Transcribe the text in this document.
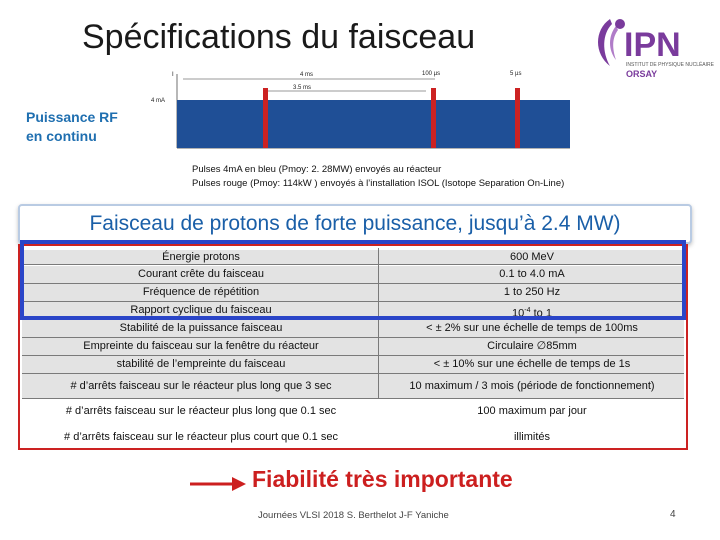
Spécifications du faisceau	IPN
INSTITUT DE PHYSIQUE NUCLÉAIRE
ORSAY
Puissance RF
en continu
I
4 mA
4 ms
3.5 ms
100 µs	5 µs
Pulses 4mA en bleu (Pmoy: 2. 28MW) envoyés au réacteur
Pulses rouge (Pmoy: 114kW ) envoyés à l’installation ISOL (Isotope Separation On-Line)
Faisceau de protons de forte puissance, jusqu’à 2.4 MW)
Énergie protons	600 MeV
Courant crête du faisceau	0.1 to 4.0 mA
Fréquence de répétition	1 to 250 Hz
Rapport cyclique du faisceau	$10^{-4}$ to 1
Stabilité de la puissance faisceau	< ± 2% sur une échelle de temps de 100ms
Empreinte du faisceau sur la fenêtre du réacteur	Circulaire ∅85mm
stabilité de l’empreinte du faisceau	< ± 10% sur une échelle de temps de 1s
# d’arrêts faisceau sur le réacteur plus long que 3 sec	10 maximum / 3 mois (période de fonctionnement)
# d’arrêts faisceau sur le réacteur plus long que 0.1 sec	100 maximum par jour
# d’arrêts faisceau sur le réacteur plus court que 0.1 sec	illimités
Fiabilité très importante
Journées VLSI 2018 S. Berthelot J-F Yaniche	4
